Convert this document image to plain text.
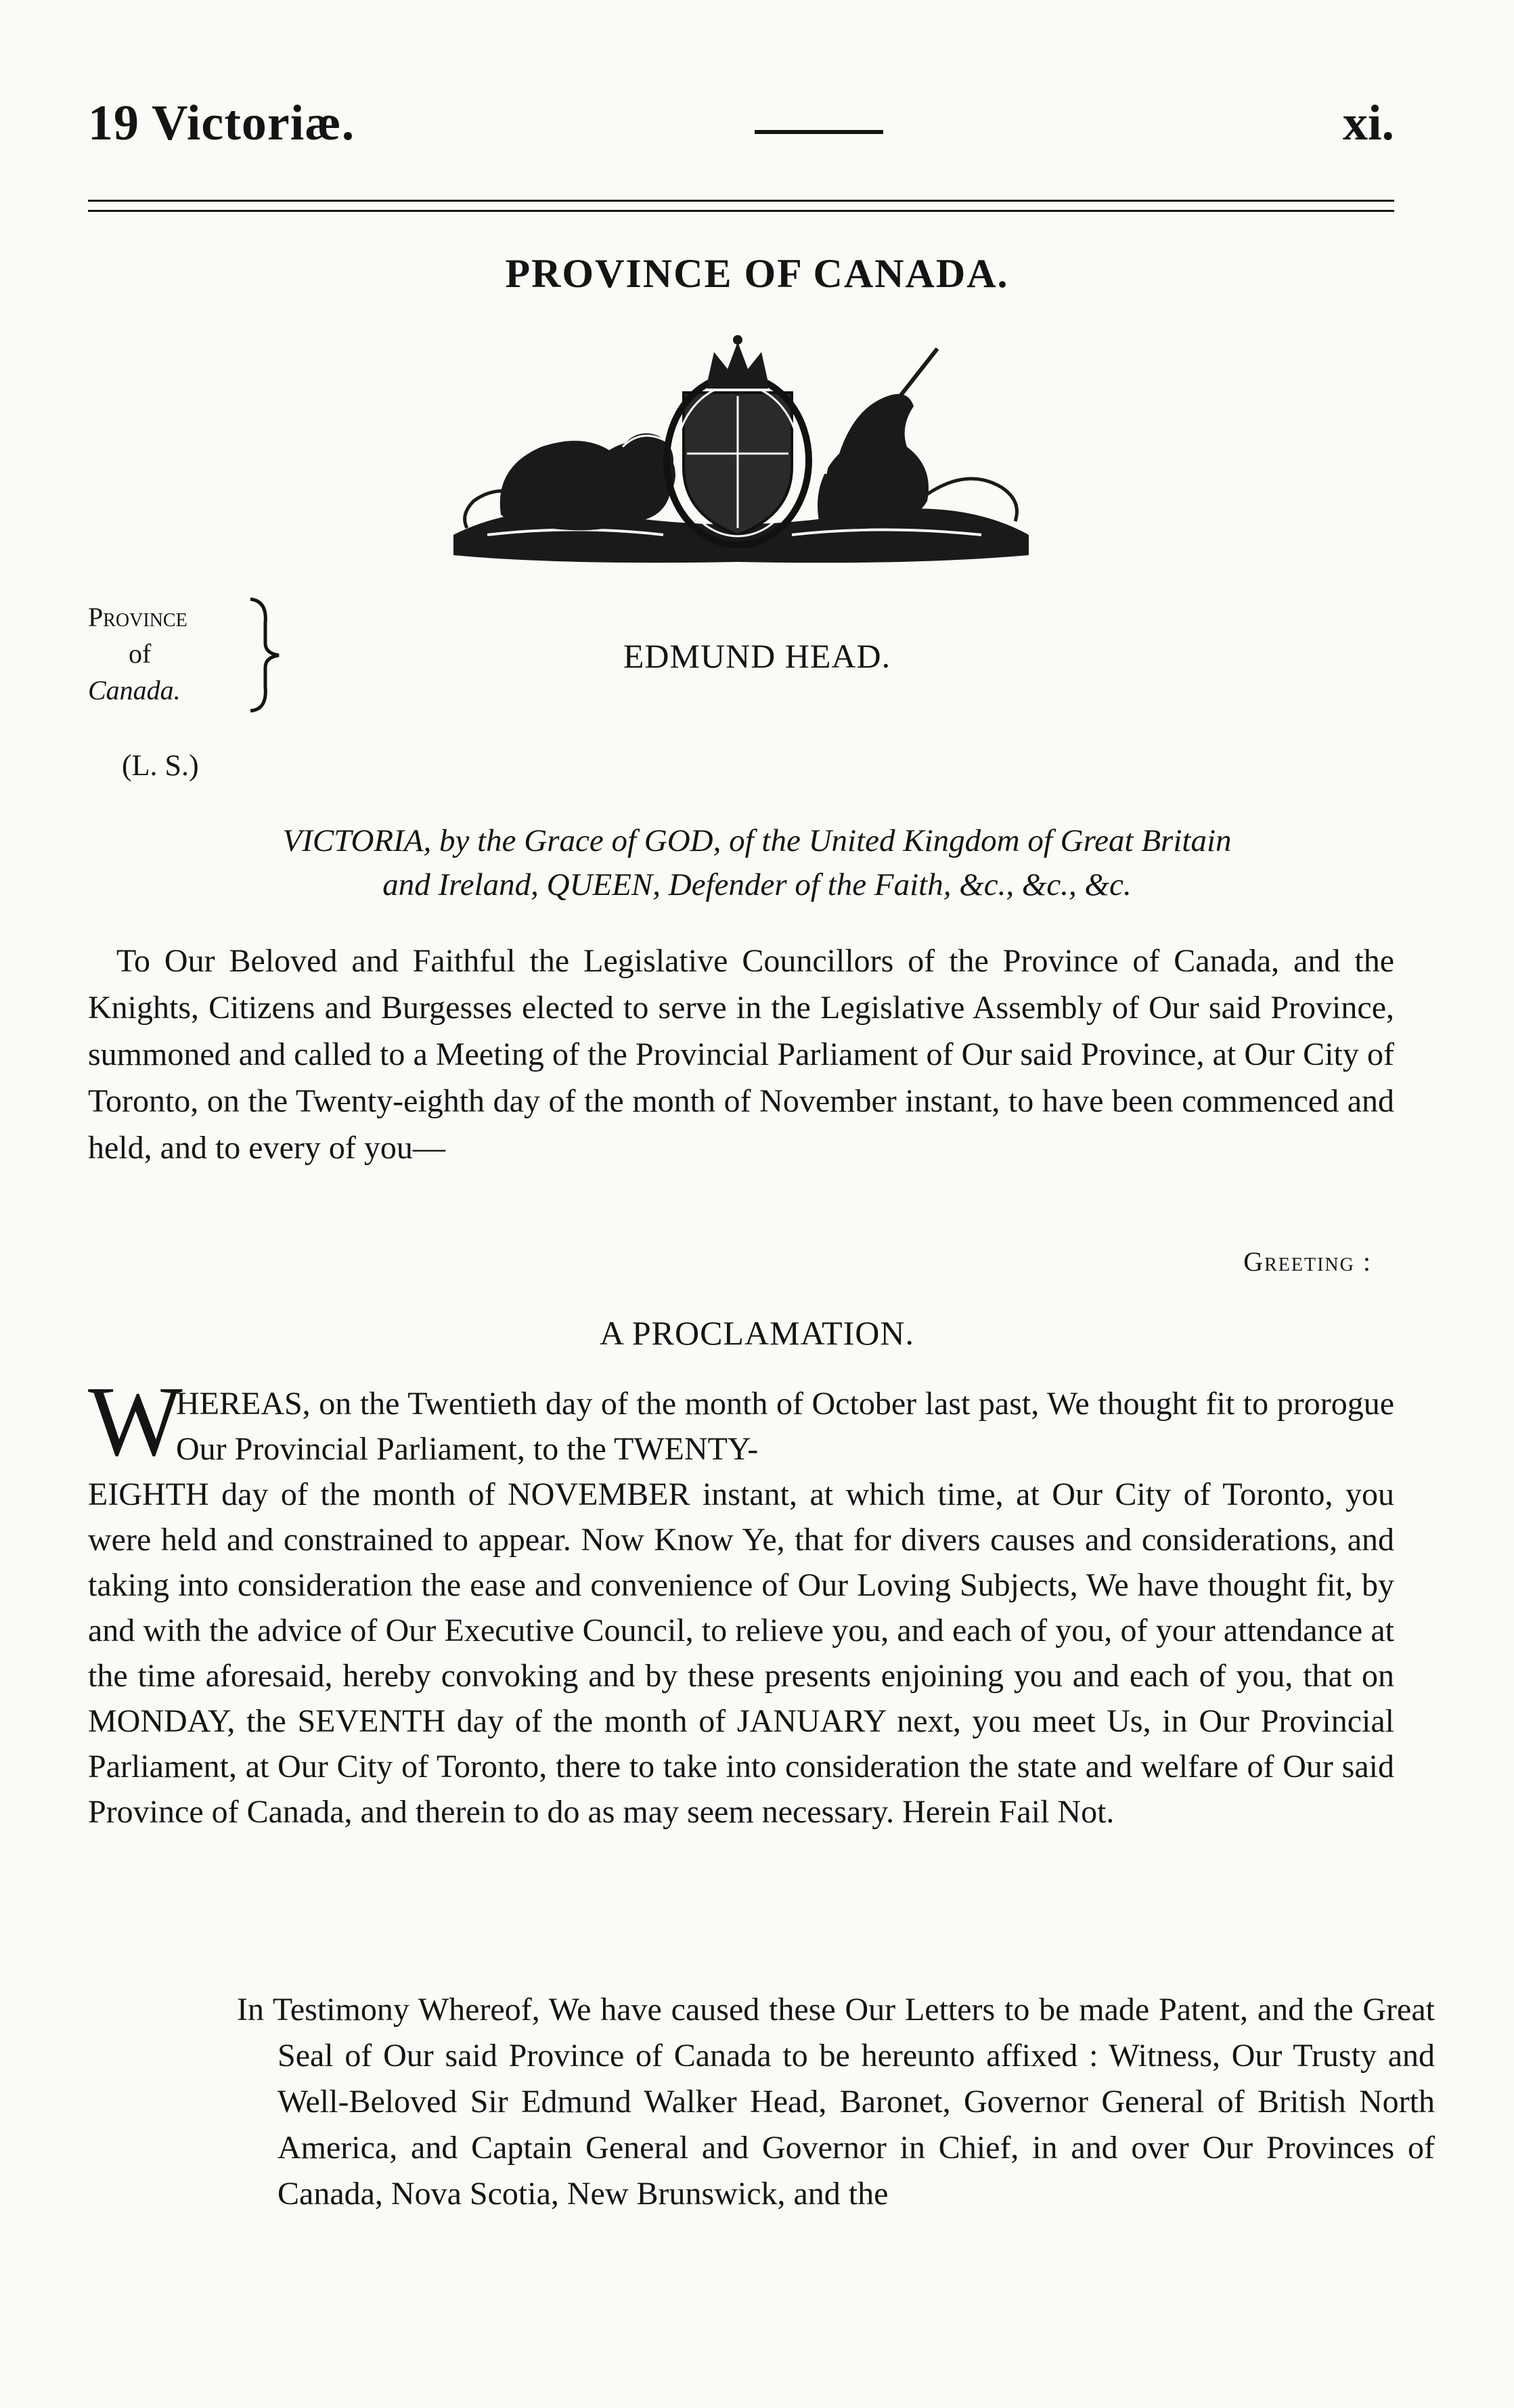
19 Victoriæ.	xi.
PROVINCE OF CANADA.
Province
of
Canada.
EDMUND HEAD.
(L. S.)
VICTORIA, by the Grace of GOD, of the United Kingdom of Great Britain
and Ireland, QUEEN, Defender of the Faith, &c., &c., &c.
To Our Beloved and Faithful the Legislative Councillors of the Province of Canada, and the Knights, Citizens and Burgesses elected to serve in the Legislative Assembly of Our said Province, summoned and called to a Meeting of the Provincial Parliament of Our said Province, at Our City of Toronto, on the Twenty-eighth day of the month of November instant, to have been commenced and held, and to every of you—
Greeting :
A PROCLAMATION.
W
HEREAS, on the Twentieth day of the month of October last past, We thought fit to prorogue Our Provincial Parliament, to the TWENTY-
EIGHTH day of the month of NOVEMBER instant, at which time, at Our City of Toronto, you were held and constrained to appear. Now Know Ye, that for divers causes and considerations, and taking into consideration the ease and convenience of Our Loving Subjects, We have thought fit, by and with the advice of Our Executive Council, to relieve you, and each of you, of your attendance at the time aforesaid, hereby convoking and by these presents enjoining you and each of you, that on MONDAY, the SEVENTH day of the month of JANUARY next, you meet Us, in Our Provincial Parliament, at Our City of Toronto, there to take into consideration the state and welfare of Our said Province of Canada, and therein to do as may seem necessary. Herein Fail Not.
In Testimony Whereof, We have caused these Our Letters to be made Patent, and the Great Seal of Our said Province of Canada to be hereunto affixed : Witness, Our Trusty and Well-Beloved Sir Edmund Walker Head, Baronet, Governor General of British North America, and Captain General and Governor in Chief, in and over Our Provinces of Canada, Nova Scotia, New Brunswick, and the
